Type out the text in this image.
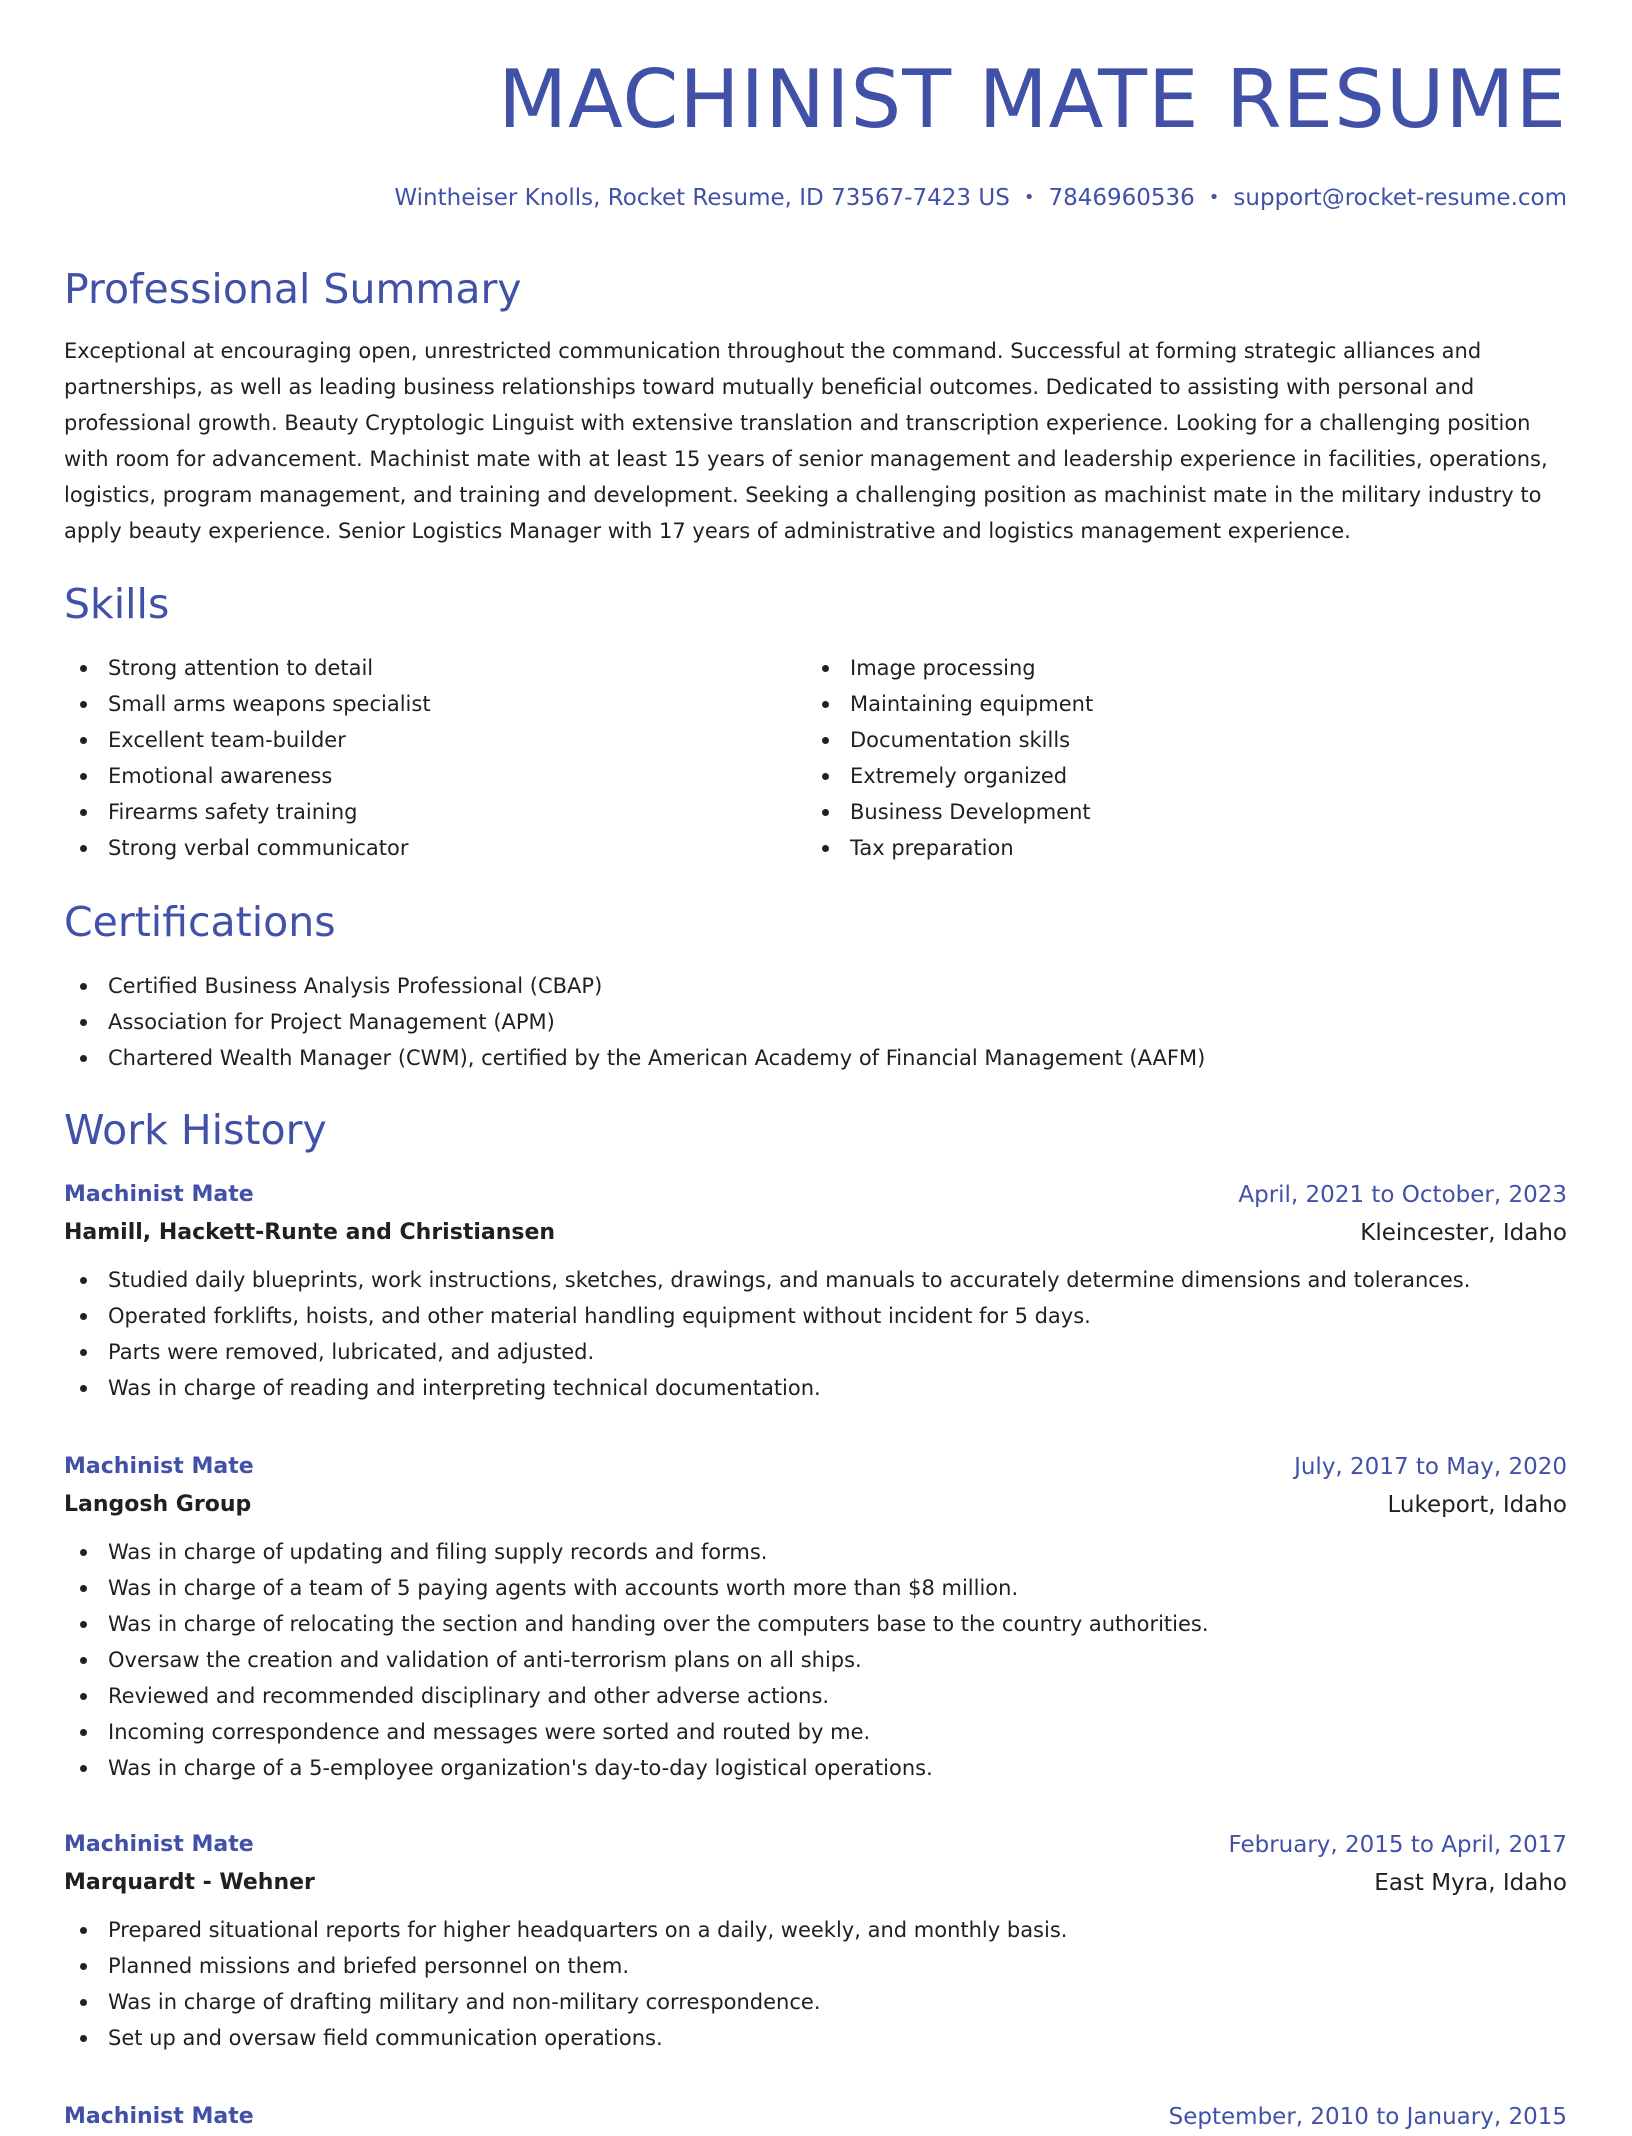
MACHINIST MATE RESUME
Wintheiser Knolls, Rocket Resume, ID 73567-7423 US • 7846960536 • support@rocket-resume.com
Professional Summary

Exceptional at encouraging open, unrestricted communication throughout the command. Successful at forming strategic alliances and partnerships, as well as leading business relationships toward mutually beneficial outcomes. Dedicated to assisting with personal and professional growth. Beauty Cryptologic Linguist with extensive translation and transcription experience. Looking for a challenging position with room for advancement. Machinist mate with at least 15 years of senior management and leadership experience in facilities, operations, logistics, program management, and training and development. Seeking a challenging position as machinist mate in the military industry to apply beauty experience. Senior Logistics Manager with 17 years of administrative and logistics management experience.

Skills
Strong attention to detail
Small arms weapons specialist
Excellent team-builder
Emotional awareness
Firearms safety training
Strong verbal communicator
Image processing
Maintaining equipment
Documentation skills
Extremely organized
Business Development
Tax preparation
Certifications
Certified Business Analysis Professional (CBAP)
Association for Project Management (APM)
Chartered Wealth Manager (CWM), certified by the American Academy of Financial Management (AAFM)
Work History
Machinist Mate	April, 2021 to October, 2023
Hamill, Hackett-Runte and Christiansen	Kleincester, Idaho
Studied daily blueprints, work instructions, sketches, drawings, and manuals to accurately determine dimensions and tolerances.
Operated forklifts, hoists, and other material handling equipment without incident for 5 days.
Parts were removed, lubricated, and adjusted.
Was in charge of reading and interpreting technical documentation.
Machinist Mate	July, 2017 to May, 2020
Langosh Group	Lukeport, Idaho
Was in charge of updating and filing supply records and forms.
Was in charge of a team of 5 paying agents with accounts worth more than $8 million.
Was in charge of relocating the section and handing over the computers base to the country authorities.
Oversaw the creation and validation of anti-terrorism plans on all ships.
Reviewed and recommended disciplinary and other adverse actions.
Incoming correspondence and messages were sorted and routed by me.
Was in charge of a 5-employee organization's day-to-day logistical operations.
Machinist Mate	February, 2015 to April, 2017
Marquardt - Wehner	East Myra, Idaho
Prepared situational reports for higher headquarters on a daily, weekly, and monthly basis.
Planned missions and briefed personnel on them.
Was in charge of drafting military and non-military correspondence.
Set up and oversaw field communication operations.
Machinist Mate	September, 2010 to January, 2015
